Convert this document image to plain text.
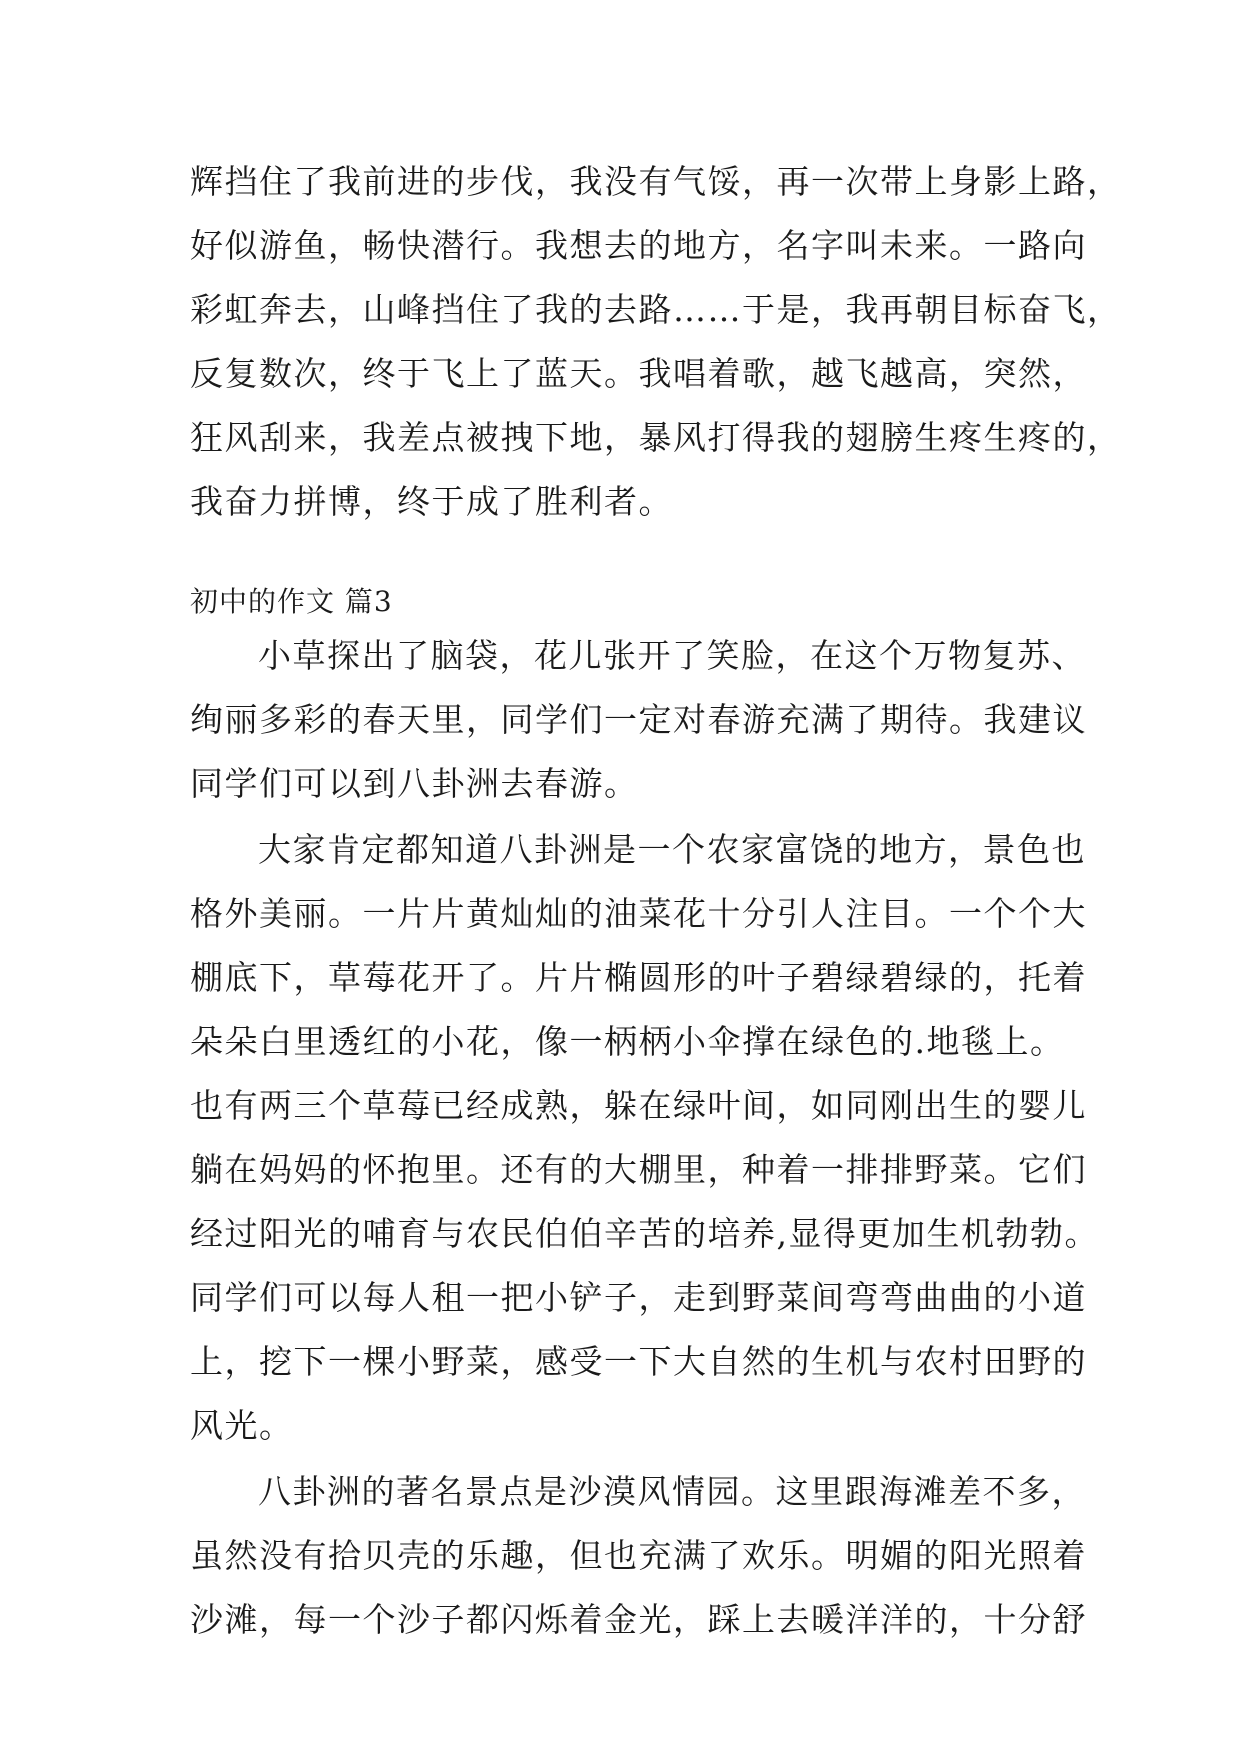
辉挡住了我前进的步伐，我没有气馁，再一次带上身影上路，
好似游鱼，畅快潜行。我想去的地方，名字叫未来。一路向
彩虹奔去，山峰挡住了我的去路……于是，我再朝目标奋飞，
反复数次，终于飞上了蓝天。我唱着歌，越飞越高，突然，
狂风刮来，我差点被拽下地，暴风打得我的翅膀生疼生疼的，
我奋力拼博，终于成了胜利者。
初中的作文 篇3
小草探出了脑袋，花儿张开了笑脸，在这个万物复苏、
绚丽多彩的春天里，同学们一定对春游充满了期待。我建议
同学们可以到八卦洲去春游。
大家肯定都知道八卦洲是一个农家富饶的地方，景色也
格外美丽。一片片黄灿灿的油菜花十分引人注目。一个个大
棚底下，草莓花开了。片片椭圆形的叶子碧绿碧绿的，托着
朵朵白里透红的小花，像一柄柄小伞撑在绿色的.地毯上。
也有两三个草莓已经成熟，躲在绿叶间，如同刚出生的婴儿
躺在妈妈的怀抱里。还有的大棚里，种着一排排野菜。它们
经过阳光的哺育与农民伯伯辛苦的培养,显得更加生机勃勃。
同学们可以每人租一把小铲子，走到野菜间弯弯曲曲的小道
上，挖下一棵小野菜，感受一下大自然的生机与农村田野的
风光。
八卦洲的著名景点是沙漠风情园。这里跟海滩差不多，
虽然没有拾贝壳的乐趣，但也充满了欢乐。明媚的阳光照着
沙滩，每一个沙子都闪烁着金光，踩上去暖洋洋的，十分舒
